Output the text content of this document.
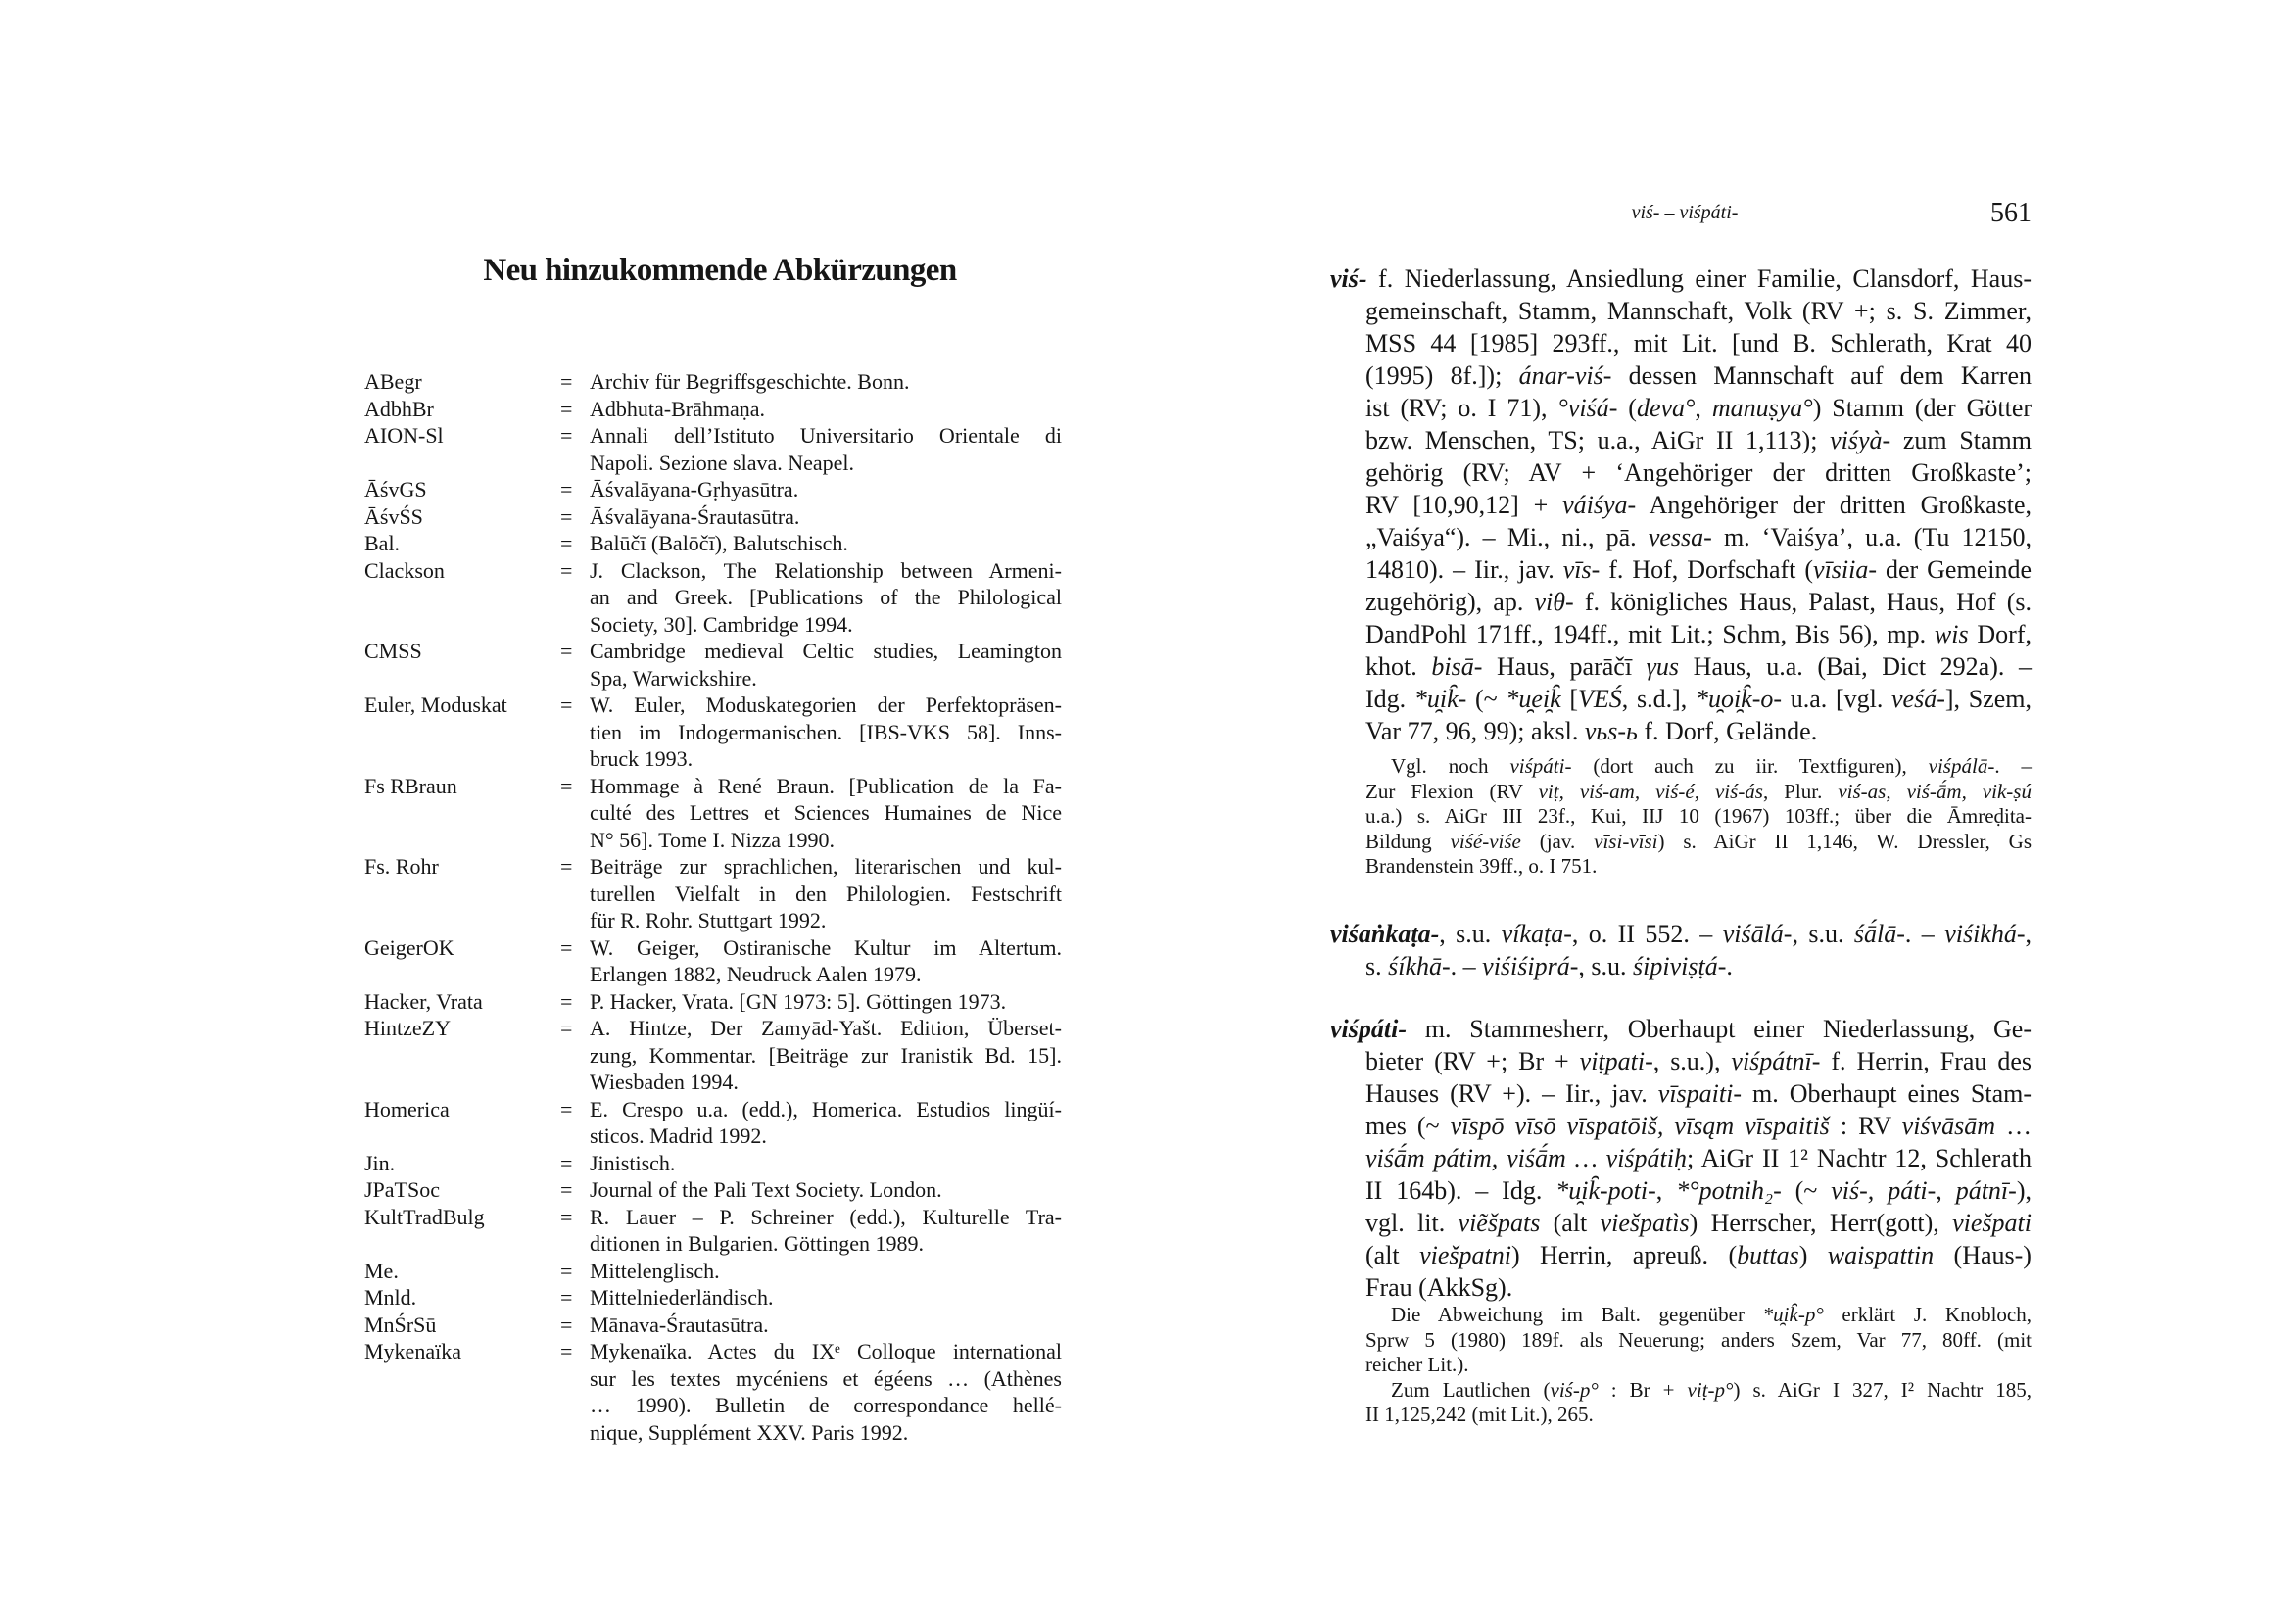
Neu hinzukommende Abkürzungen
ABegr	= Archiv für Begriffsgeschichte. Bonn.
AdbhBr	= Adbhuta-Brāhmaṇa.
AION-Sl	= Annali dell’Istituto Universitario Orientale di
Napoli. Sezione slava. Neapel.
ĀśvGS	= Āśvalāyana-Gṛhyasūtra.
ĀśvŚS	= Āśvalāyana-Śrautasūtra.
Bal.	= Balūčī (Balōčī), Balutschisch.
Clackson	= J. Clackson, The Relationship between Armeni-
an and Greek. [Publications of the Philological
Society, 30]. Cambridge 1994.
CMSS	= Cambridge medieval Celtic studies, Leamington
Spa, Warwickshire.
Euler, Moduskat	= W. Euler, Moduskategorien der Perfektopräsen-
tien im Indogermanischen. [IBS-VKS 58]. Inns-
bruck 1993.
Fs RBraun	= Hommage à René Braun. [Publication de la Fa-
culté des Lettres et Sciences Humaines de Nice
N° 56]. Tome I. Nizza 1990.
Fs. Rohr	= Beiträge zur sprachlichen, literarischen und kul-
turellen Vielfalt in den Philologien. Festschrift
für R. Rohr. Stuttgart 1992.
GeigerOK	= W. Geiger, Ostiranische Kultur im Altertum.
Erlangen 1882, Neudruck Aalen 1979.
Hacker, Vrata	= P. Hacker, Vrata. [GN 1973: 5]. Göttingen 1973.
HintzeZY	= A. Hintze, Der Zamyād-Yašt. Edition, Überset-
zung, Kommentar. [Beiträge zur Iranistik Bd. 15].
Wiesbaden 1994.
Homerica	= E. Crespo u.a. (edd.), Homerica. Estudios lingüí-
sticos. Madrid 1992.
Jin.	= Jinistisch.
JPaTSoc	= Journal of the Pali Text Society. London.
KultTradBulg	= R. Lauer – P. Schreiner (edd.), Kulturelle Tra-
ditionen in Bulgarien. Göttingen 1989.
Me.	= Mittelenglisch.
Mnld.	= Mittelniederländisch.
MnŚrSū	= Mānava-Śrautasūtra.
Mykenaïka	= Mykenaïka. Actes du IXᵉ Colloque international
sur les textes mycéniens et égéens … (Athènes
… 1990). Bulletin de correspondance hellé-
nique, Supplément XXV. Paris 1992.
viś- – viśpáti-	561
viś- f. Niederlassung, Ansiedlung einer Familie, Clansdorf, Haus-
gemeinschaft, Stamm, Mannschaft, Volk (RV +; s. S. Zimmer,
MSS 44 [1985] 293ff., mit Lit. [und B. Schlerath, Krat 40
(1995) 8f.]); ánar-viś- dessen Mannschaft auf dem Karren
ist (RV; o. I 71), °viśá- (deva°, manuṣya°) Stamm (der Götter
bzw. Menschen, TS; u.a., AiGr II 1,113); viśyà- zum Stamm
gehörig (RV; AV + ‘Angehöriger der dritten Großkaste’;
RV [10,90,12] + váiśya- Angehöriger der dritten Großkaste,
„Vaiśya“). – Mi., ni., pā. vessa- m. ‘Vaiśya’, u.a. (Tu 12150,
14810). – Iir., jav. vīs- f. Hof, Dorfschaft (vīsiia- der Gemeinde
zugehörig), ap. viθ- f. königliches Haus, Palast, Haus, Hof (s.
DandPohl 171ff., 194ff., mit Lit.; Schm, Bis 56), mp. wis Dorf,
khot. bisā- Haus, parāčī γus Haus, u.a. (Bai, Dict 292a). –
Idg. *u̯ik̑- (~ *u̯ei̯k̑ [VEŚ, s.d.], *u̯oi̯k̑-o- u.a. [vgl. veśá-], Szem,
Var 77, 96, 99); aksl. vьs-ь f. Dorf, Gelände.
Vgl. noch viśpáti- (dort auch zu iir. Textfiguren), viśpálā-. –
Zur Flexion (RV viṭ, viś-am, viś-é, viś-ás, Plur. viś-as, viś-ā́m, vik-ṣú
u.a.) s. AiGr III 23f., Kui, IIJ 10 (1967) 103ff.; über die Āmreḍita-
Bildung viśé-viśe (jav. vīsi-vīsi) s. AiGr II 1,146, W. Dressler, Gs
Brandenstein 39ff., o. I 751.
viśaṅkaṭa-, s.u. víkaṭa-, o. II 552. – viśālá-, s.u. śā́lā-. – viśikhá-,
s. śíkhā-. – viśiśiprá-, s.u. śipiviṣṭá-.
viśpáti- m. Stammesherr, Oberhaupt einer Niederlassung, Ge-
bieter (RV +; Br + viṭpati-, s.u.), viśpátnī- f. Herrin, Frau des
Hauses (RV +). – Iir., jav. vīspaiti- m. Oberhaupt eines Stam-
mes (~ vīspō vīsō vīspatōiš, vīsąm vīspaitiš : RV viśvāsām …
viśā́m pátim, viśā́m … viśpátiḥ; AiGr II 1² Nachtr 12, Schlerath
II 164b). – Idg. *u̯ik̑-poti-, *°potnih₂- (~ viś-, páti-, pátnī-),
vgl. lit. viẽšpats (alt viešpatìs) Herrscher, Herr(gott), viešpati
(alt viešpatni) Herrin, apreuß. (buttas) waispattin (Haus-)
Frau (AkkSg).
Die Abweichung im Balt. gegenüber *u̯ik̑-p° erklärt J. Knobloch,
Sprw 5 (1980) 189f. als Neuerung; anders Szem, Var 77, 80ff. (mit
reicher Lit.).
Zum Lautlichen (viś-p° : Br + viṭ-p°) s. AiGr I 327, I² Nachtr 185,
II 1,125,242 (mit Lit.), 265.
